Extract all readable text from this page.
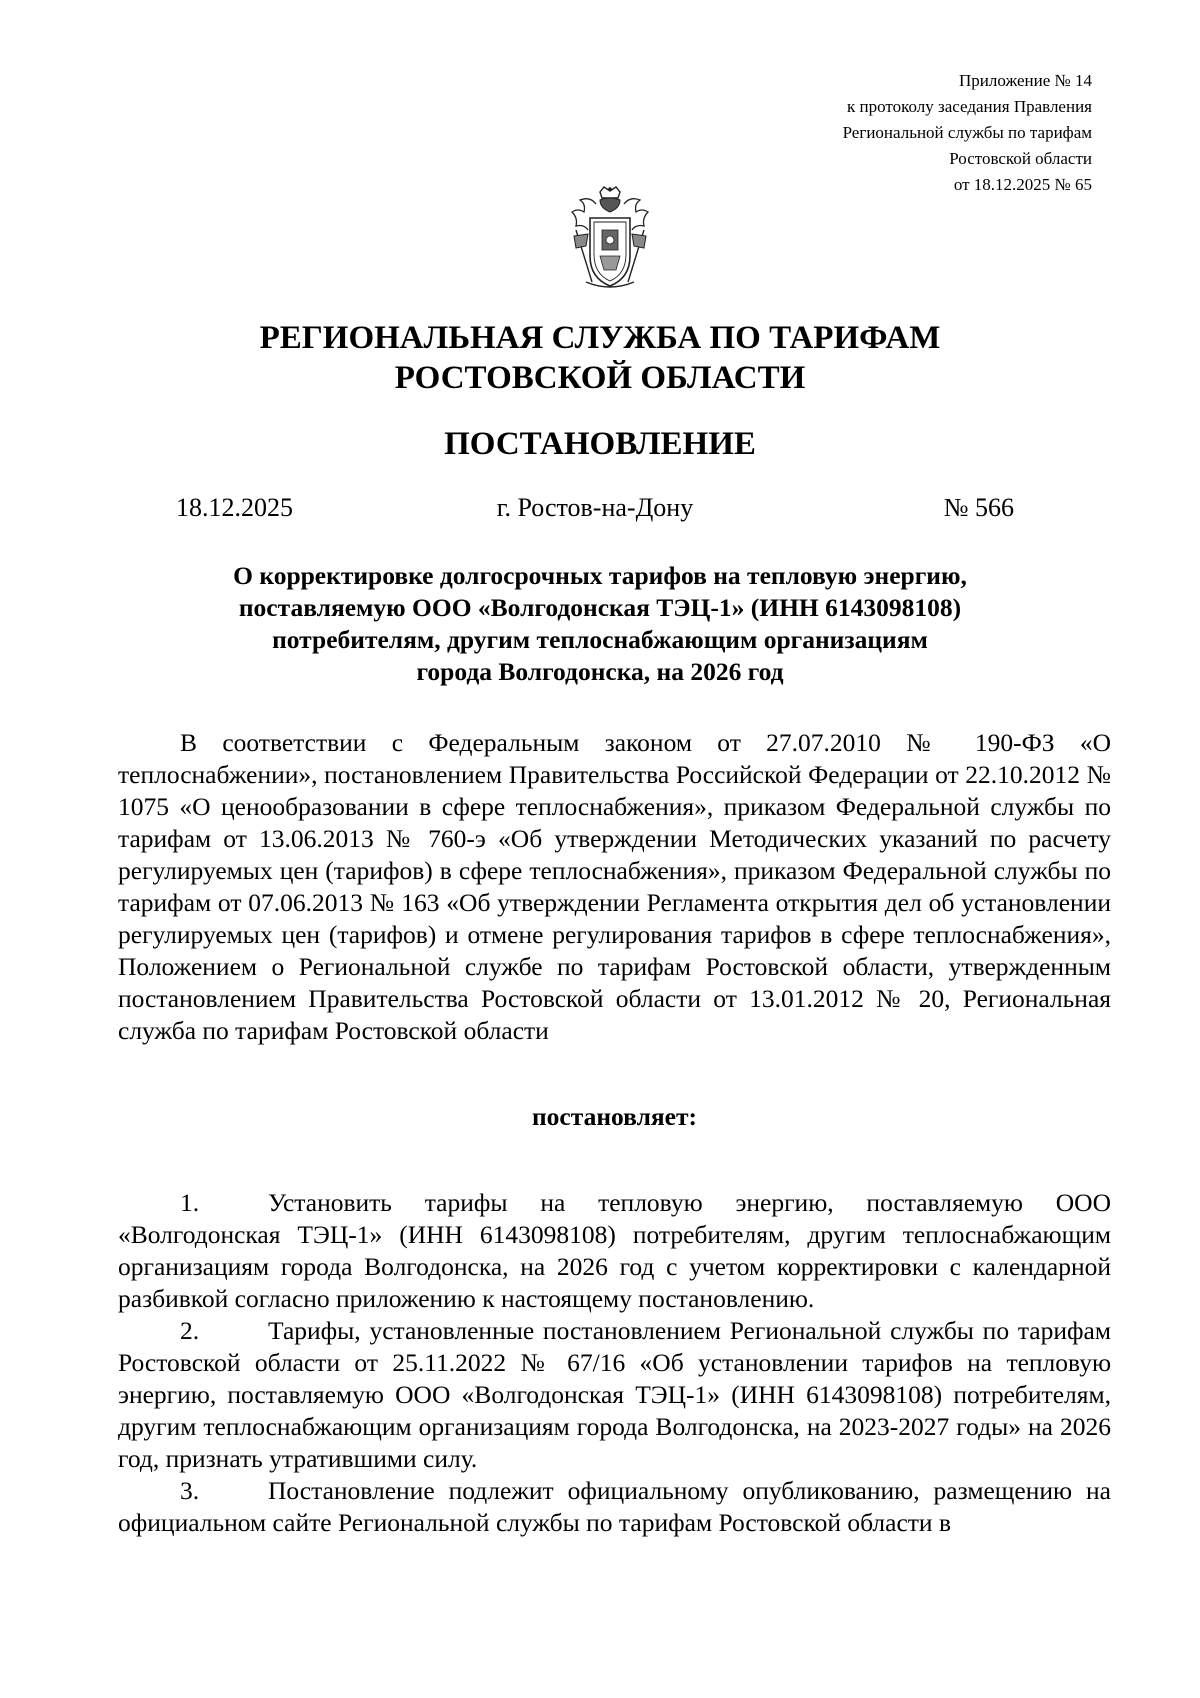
Приложение № 14
к протоколу заседания Правления
Региональной службы по тарифам
Ростовской области
от 18.12.2025 № 65
РЕГИОНАЛЬНАЯ СЛУЖБА ПО ТАРИФАМ
РОСТОВСКОЙ ОБЛАСТИ
ПОСТАНОВЛЕНИЕ
18.12.2025	г. Ростов-на-Дону	№ 566
О корректировке долгосрочных тарифов на тепловую энергию,
поставляемую ООО «Волгодонская ТЭЦ-1» (ИНН 6143098108)
потребителям, другим теплоснабжающим организациям
города Волгодонска, на 2026 год

В соответствии с Федеральным законом от 27.07.2010 № 190-ФЗ «О теплоснабжении», постановлением Правительства Российской Федерации от 22.10.2012 № 1075 «О ценообразовании в сфере теплоснабжения», приказом Федеральной службы по тарифам от 13.06.2013 № 760-э «Об утверждении Методических указаний по расчету регулируемых цен (тарифов) в сфере теплоснабжения», приказом Федеральной службы по тарифам от 07.06.2013 № 163 «Об утверждении Регламента открытия дел об установлении регулируемых цен (тарифов) и отмене регулирования тарифов в сфере теплоснабжения», Положением о Региональной службе по тарифам Ростовской области, утвержденным постановлением Правительства Ростовской области от 13.01.2012 № 20, Региональная служба по тарифам Ростовской области

постановляет:

1.	Установить тарифы на тепловую энергию, поставляемую ООО «Волгодонская ТЭЦ-1» (ИНН 6143098108) потребителям, другим теплоснабжающим организациям города Волгодонска, на 2026 год с учетом корректировки с календарной разбивкой согласно приложению к настоящему постановлению.

2.	Тарифы, установленные постановлением Региональной службы по тарифам Ростовской области от 25.11.2022 № 67/16 «Об установлении тарифов на тепловую энергию, поставляемую ООО «Волгодонская ТЭЦ-1» (ИНН 6143098108) потребителям, другим теплоснабжающим организациям города Волгодонска, на 2023-2027 годы» на 2026 год, признать утратившими силу.

3.	Постановление подлежит официальному опубликованию, размещению на официальном сайте Региональной службы по тарифам Ростовской области в
